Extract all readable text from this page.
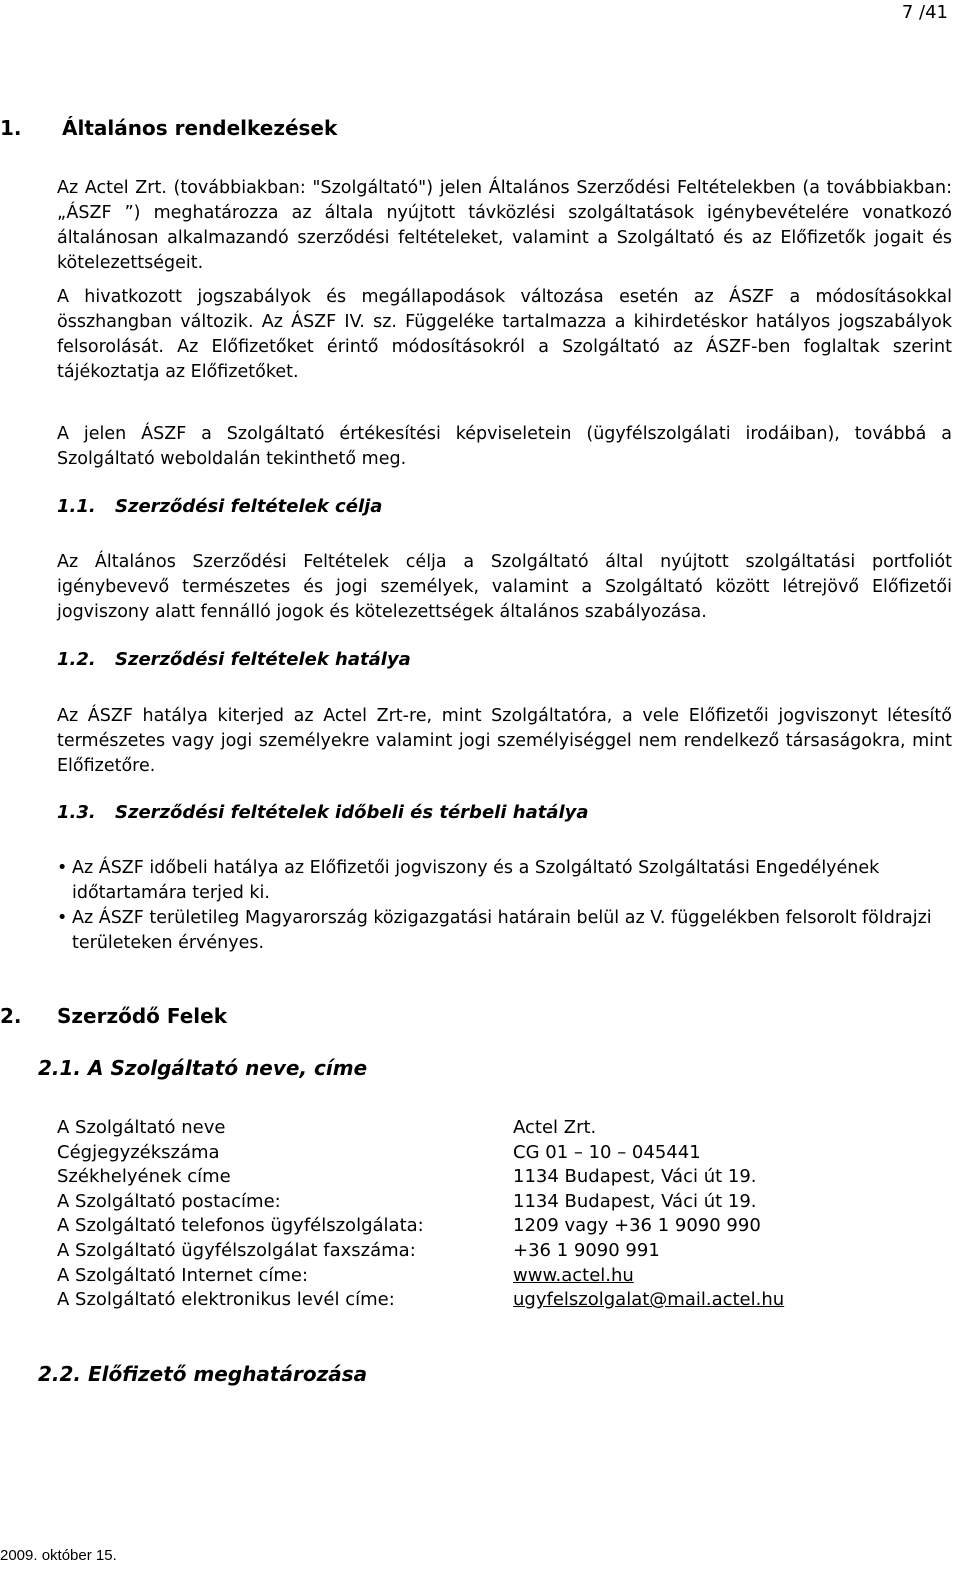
7 /41
1. Általános rendelkezések
Az Actel Zrt. (továbbiakban: "Szolgáltató") jelen Általános Szerződési Feltételekben (a továbbiakban: „ÁSZF ”) meghatározza az általa nyújtott távközlési szolgáltatások igénybevételére vonatkozó általánosan alkalmazandó szerződési feltételeket, valamint a Szolgáltató és az Előfizetők jogait és kötelezettségeit.
A hivatkozott jogszabályok és megállapodások változása esetén az ÁSZF a módosításokkal összhangban változik. Az ÁSZF IV. sz. Függeléke tartalmazza a kihirdetéskor hatályos jogszabályok felsorolását. Az Előfizetőket érintő módosításokról a Szolgáltató az ÁSZF-ben foglaltak szerint tájékoztatja az Előfizetőket.
A jelen ÁSZF a Szolgáltató értékesítési képviseletein (ügyfélszolgálati irodáiban), továbbá a Szolgáltató weboldalán tekinthető meg.
1.1. Szerződési feltételek célja
Az Általános Szerződési Feltételek célja a Szolgáltató által nyújtott szolgáltatási portfoliót igénybevevő természetes és jogi személyek, valamint a Szolgáltató között létrejövő Előfizetői jogviszony alatt fennálló jogok és kötelezettségek általános szabályozása.
1.2. Szerződési feltételek hatálya
Az ÁSZF hatálya kiterjed az Actel Zrt-re, mint Szolgáltatóra, a vele Előfizetői jogviszonyt létesítő természetes vagy jogi személyekre valamint jogi személyiséggel nem rendelkező társaságokra, mint Előfizetőre.
1.3. Szerződési feltételek időbeli és térbeli hatálya
• Az ÁSZF időbeli hatálya az Előfizetői jogviszony és a Szolgáltató Szolgáltatási Engedélyének időtartamára terjed ki.
• Az ÁSZF területileg Magyarország közigazgatási határain belül az V. függelékben felsorolt földrajzi területeken érvényes.
2. Szerződő Felek
2.1. A Szolgáltató neve, címe
A Szolgáltató neve	Actel Zrt.
Cégjegyzékszáma	CG 01 – 10 – 045441
Székhelyének címe	1134 Budapest, Váci út 19.
A Szolgáltató postacíme:	1134 Budapest, Váci út 19.
A Szolgáltató telefonos ügyfélszolgálata:	1209 vagy +36 1 9090 990
A Szolgáltató ügyfélszolgálat faxszáma:	+36 1 9090 991
A Szolgáltató Internet címe:	www.actel.hu
A Szolgáltató elektronikus levél címe:	ugyfelszolgalat@mail.actel.hu
2.2. Előfizető meghatározása
2009. október 15.
